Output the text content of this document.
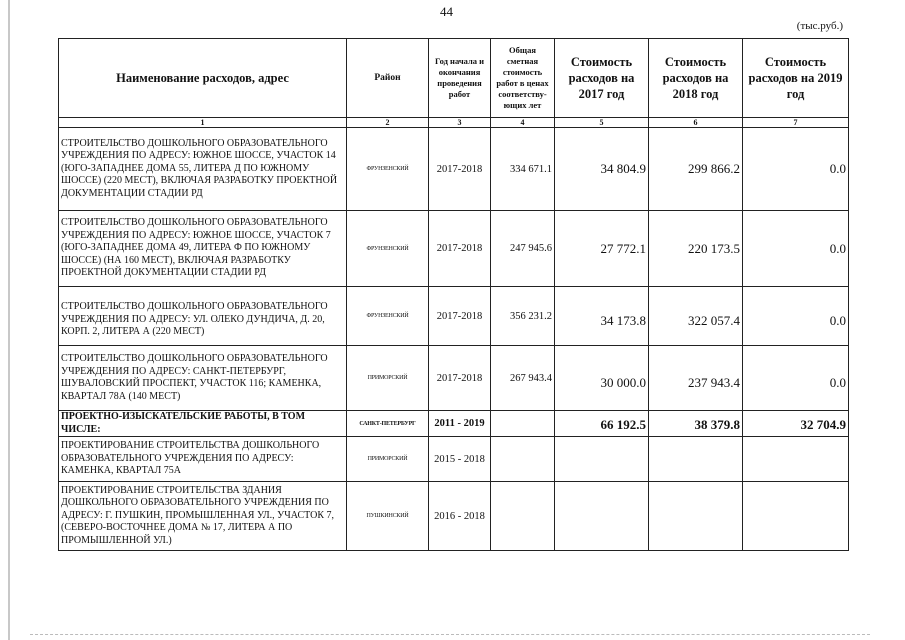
44
(тыс.руб.)
Наименование расходов, адрес	Район	Год начала и окончания проведения работ	Общая сметная стоимость работ в ценах соответству-ющих лет	Стоимость расходов на 2017 год	Стоимость расходов на 2018 год	Стоимость расходов на 2019 год
1	2	3	4	5	6	7
СТРОИТЕЛЬСТВО ДОШКОЛЬНОГО ОБРАЗОВАТЕЛЬНОГО УЧРЕЖДЕНИЯ ПО АДРЕСУ: ЮЖНОЕ ШОССЕ, УЧАСТОК 14 (ЮГО-ЗАПАДНЕЕ ДОМА 55, ЛИТЕРА Д ПО ЮЖНОМУ ШОССЕ) (220 МЕСТ), ВКЛЮЧАЯ РАЗРАБОТКУ ПРОЕКТНОЙ ДОКУМЕНТАЦИИ СТАДИИ РД	ФРУНЗЕНСКИЙ	2017-2018	334 671.1	34 804.9	299 866.2	0.0
СТРОИТЕЛЬСТВО ДОШКОЛЬНОГО ОБРАЗОВАТЕЛЬНОГО УЧРЕЖДЕНИЯ ПО АДРЕСУ: ЮЖНОЕ ШОССЕ, УЧАСТОК 7 (ЮГО-ЗАПАДНЕЕ ДОМА 49, ЛИТЕРА Ф ПО ЮЖНОМУ ШОССЕ) (НА 160 МЕСТ), ВКЛЮЧАЯ РАЗРАБОТКУ ПРОЕКТНОЙ ДОКУМЕНТАЦИИ СТАДИИ РД	ФРУНЗЕНСКИЙ	2017-2018	247 945.6	27 772.1	220 173.5	0.0
СТРОИТЕЛЬСТВО ДОШКОЛЬНОГО ОБРАЗОВАТЕЛЬНОГО УЧРЕЖДЕНИЯ ПО АДРЕСУ: УЛ. ОЛЕКО ДУНДИЧА, Д. 20, КОРП. 2, ЛИТЕРА А (220 МЕСТ)	ФРУНЗЕНСКИЙ	2017-2018	356 231.2	34 173.8	322 057.4	0.0
СТРОИТЕЛЬСТВО ДОШКОЛЬНОГО ОБРАЗОВАТЕЛЬНОГО УЧРЕЖДЕНИЯ ПО АДРЕСУ: САНКТ-ПЕТЕРБУРГ, ШУВАЛОВСКИЙ ПРОСПЕКТ, УЧАСТОК 116; КАМЕНКА, КВАРТАЛ 78А (140 МЕСТ)	ПРИМОРСКИЙ	2017-2018	267 943.4	30 000.0	237 943.4	0.0
ПРОЕКТНО-ИЗЫСКАТЕЛЬСКИЕ РАБОТЫ, В ТОМ ЧИСЛЕ:	САНКТ-ПЕТЕРБУРГ	2011 - 2019		66 192.5	38 379.8	32 704.9
ПРОЕКТИРОВАНИЕ СТРОИТЕЛЬСТВА ДОШКОЛЬНОГО ОБРАЗОВАТЕЛЬНОГО УЧРЕЖДЕНИЯ ПО АДРЕСУ: КАМЕНКА, КВАРТАЛ 75А	ПРИМОРСКИЙ	2015 - 2018				
ПРОЕКТИРОВАНИЕ СТРОИТЕЛЬСТВА ЗДАНИЯ ДОШКОЛЬНОГО ОБРАЗОВАТЕЛЬНОГО УЧРЕЖДЕНИЯ ПО АДРЕСУ: Г. ПУШКИН, ПРОМЫШЛЕННАЯ УЛ., УЧАСТОК 7, (СЕВЕРО-ВОСТОЧНЕЕ ДОМА № 17, ЛИТЕРА А ПО ПРОМЫШЛЕННОЙ УЛ.)	ПУШКИНСКИЙ	2016 - 2018				
